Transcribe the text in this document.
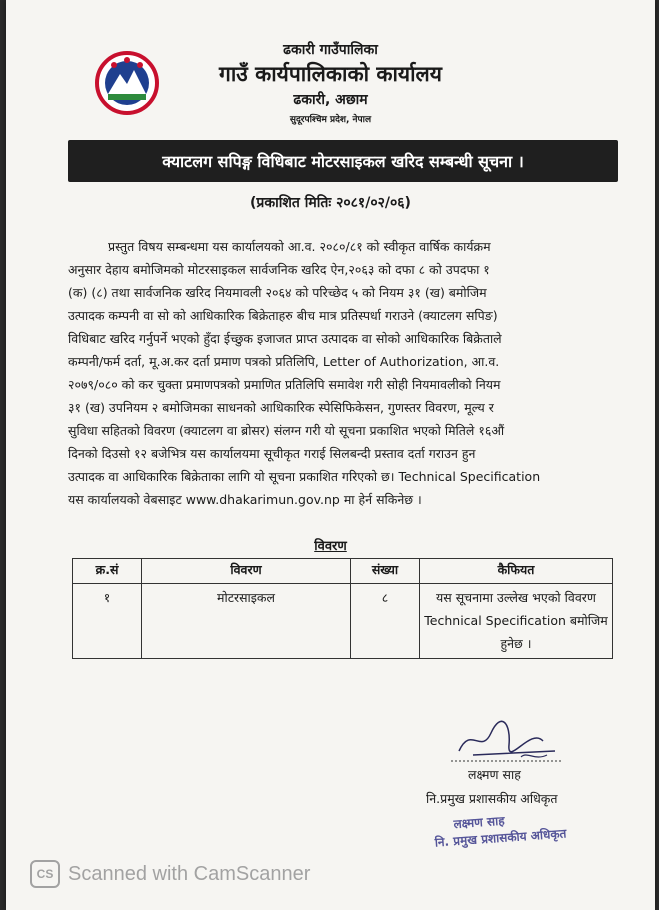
ढकारी गाउँपालिका
गाउँ कार्यपालिकाको कार्यालय
ढकारी, अछाम
सुदूरपश्चिम प्रदेश, नेपाल
क्याटलग सपिङ्ग विधिबाट मोटरसाइकल खरिद सम्बन्धी सूचना ।
(प्रकाशित मितिः २०८१/०२/०६)
प्रस्तुत विषय सम्बन्धमा यस कार्यालयको आ.व. २०८०/८१ को स्वीकृत वार्षिक कार्यक्रम
अनुसार देहाय बमोजिमको मोटरसाइकल सार्वजनिक खरिद ऐन,२०६३ को दफा ८ को उपदफा १
(क) (८) तथा सार्वजनिक खरिद नियमावली २०६४ को परिच्छेद ५ को नियम ३१ (ख) बमोजिम
उत्पादक कम्पनी वा सो को आधिकारिक बिक्रेताहरु बीच मात्र प्रतिस्पर्धा गराउने (क्याटलग सपिङ)
विधिबाट खरिद गर्नुपर्ने भएको हुँदा ईच्छुक इजाजत प्राप्त उत्पादक वा सोको आधिकारिक बिक्रेताले
कम्पनी/फर्म दर्ता, मू.अ.कर दर्ता प्रमाण पत्रको प्रतिलिपि, Letter of Authorization, आ.व.
२०७९/०८० को कर चुक्ता प्रमाणपत्रको प्रमाणित प्रतिलिपि समावेश गरी सोही नियमावलीको नियम
३१ (ख) उपनियम २ बमोजिमका साधनको आधिकारिक स्पेसिफिकेसन, गुणस्तर विवरण, मूल्य र
सुविधा सहितको विवरण (क्याटलग वा ब्रोसर) संलग्न गरी यो सूचना प्रकाशित भएको मितिले १६औं
दिनको दिउसो १२ बजेभित्र यस कार्यालयमा सूचीकृत गराई सिलबन्दी प्रस्ताव दर्ता गराउन हुन
उत्पादक वा आधिकारिक बिक्रेताका लागि यो सूचना प्रकाशित गरिएको छ। Technical Specification
यस कार्यालयको वेबसाइट www.dhakarimun.gov.np मा हेर्न सकिनेछ ।
विवरण
क्र.सं	विवरण	संख्या	कैफियत
१	मोटरसाइकल	८	यस सूचनामा उल्लेख भएको विवरण Technical Specification बमोजिम हुनेछ ।
लक्ष्मण साह
नि.प्रमुख प्रशासकीय अधिकृत
लक्ष्मण साह
नि. प्रमुख प्रशासकीय अधिकृत
CS Scanned with CamScanner
